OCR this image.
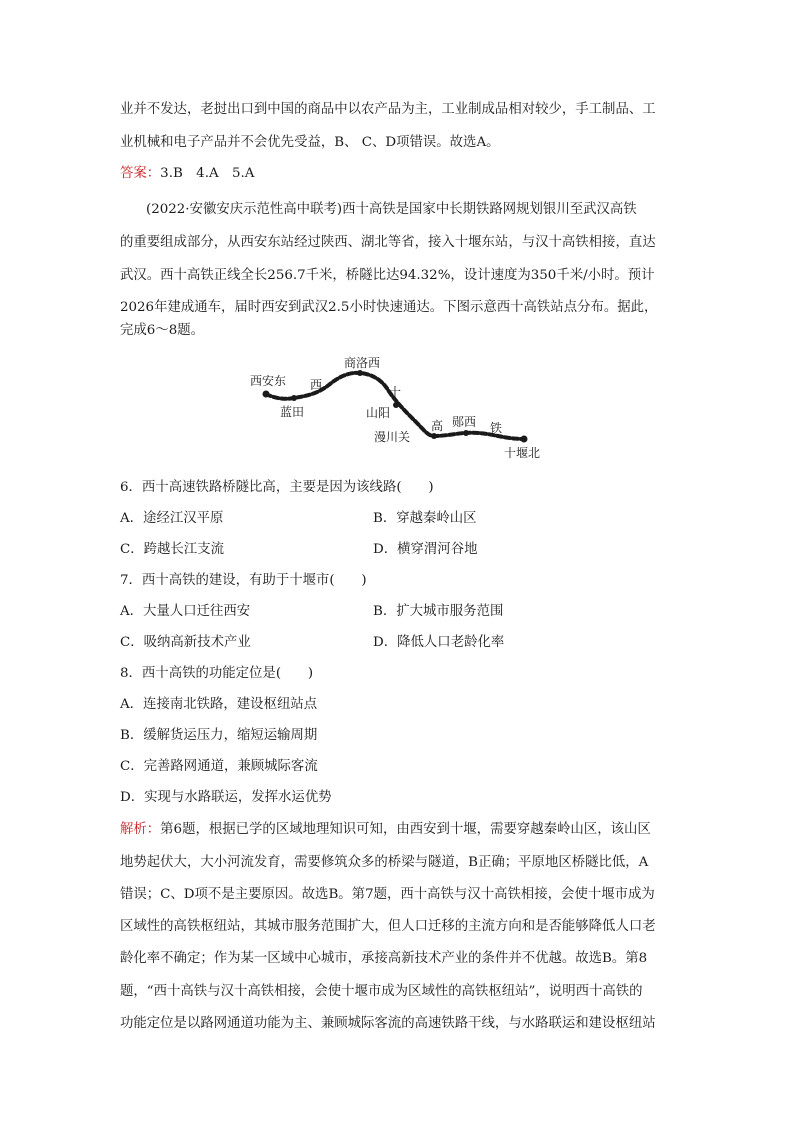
业并不发达，老挝出口到中国的商品中以农产品为主，工业制成品相对较少，手工制品、工
业机械和电子产品并不会优先受益，B、 C、D项错误。故选A。
答案：3.B　4.A　5.A
(2022·安徽安庆示范性高中联考)西十高铁是国家中长期铁路网规划银川至武汉高铁
的重要组成部分，从西安东站经过陕西、湖北等省，接入十堰东站，与汉十高铁相接，直达
武汉。西十高铁正线全长256.7千米，桥隧比达94.32%，设计速度为350千米/小时。预计
2026年建成通车，届时西安到武汉2.5小时快速通达。下图示意西十高铁站点分布。据此，
完成6～8题。
西安东
蓝田
商洛西
山阳
漫川关
郧西
十堰北
西	十
高	铁
6．西十高速铁路桥隧比高，主要是因为该线路(　　)
A．途经江汉平原	B．穿越秦岭山区
C．跨越长江支流	D．横穿渭河谷地
7．西十高铁的建设，有助于十堰市(　　)
A．大量人口迁往西安	B．扩大城市服务范围
C．吸纳高新技术产业	D．降低人口老龄化率
8．西十高铁的功能定位是(　　)
A．连接南北铁路，建设枢纽站点
B．缓解货运压力，缩短运输周期
C．完善路网通道，兼顾城际客流
D．实现与水路联运，发挥水运优势
解析：第6题，根据已学的区域地理知识可知，由西安到十堰，需要穿越秦岭山区，该山区
地势起伏大，大小河流发育，需要修筑众多的桥梁与隧道，B正确；平原地区桥隧比低，A
错误；C、D项不是主要原因。故选B。第7题，西十高铁与汉十高铁相接，会使十堰市成为
区域性的高铁枢纽站，其城市服务范围扩大，但人口迁移的主流方向和是否能够降低人口老
龄化率不确定；作为某一区域中心城市，承接高新技术产业的条件并不优越。故选B。第8
题，“西十高铁与汉十高铁相接，会使十堰市成为区域性的高铁枢纽站”，说明西十高铁的
功能定位是以路网通道功能为主、兼顾城际客流的高速铁路干线，与水路联运和建设枢纽站
